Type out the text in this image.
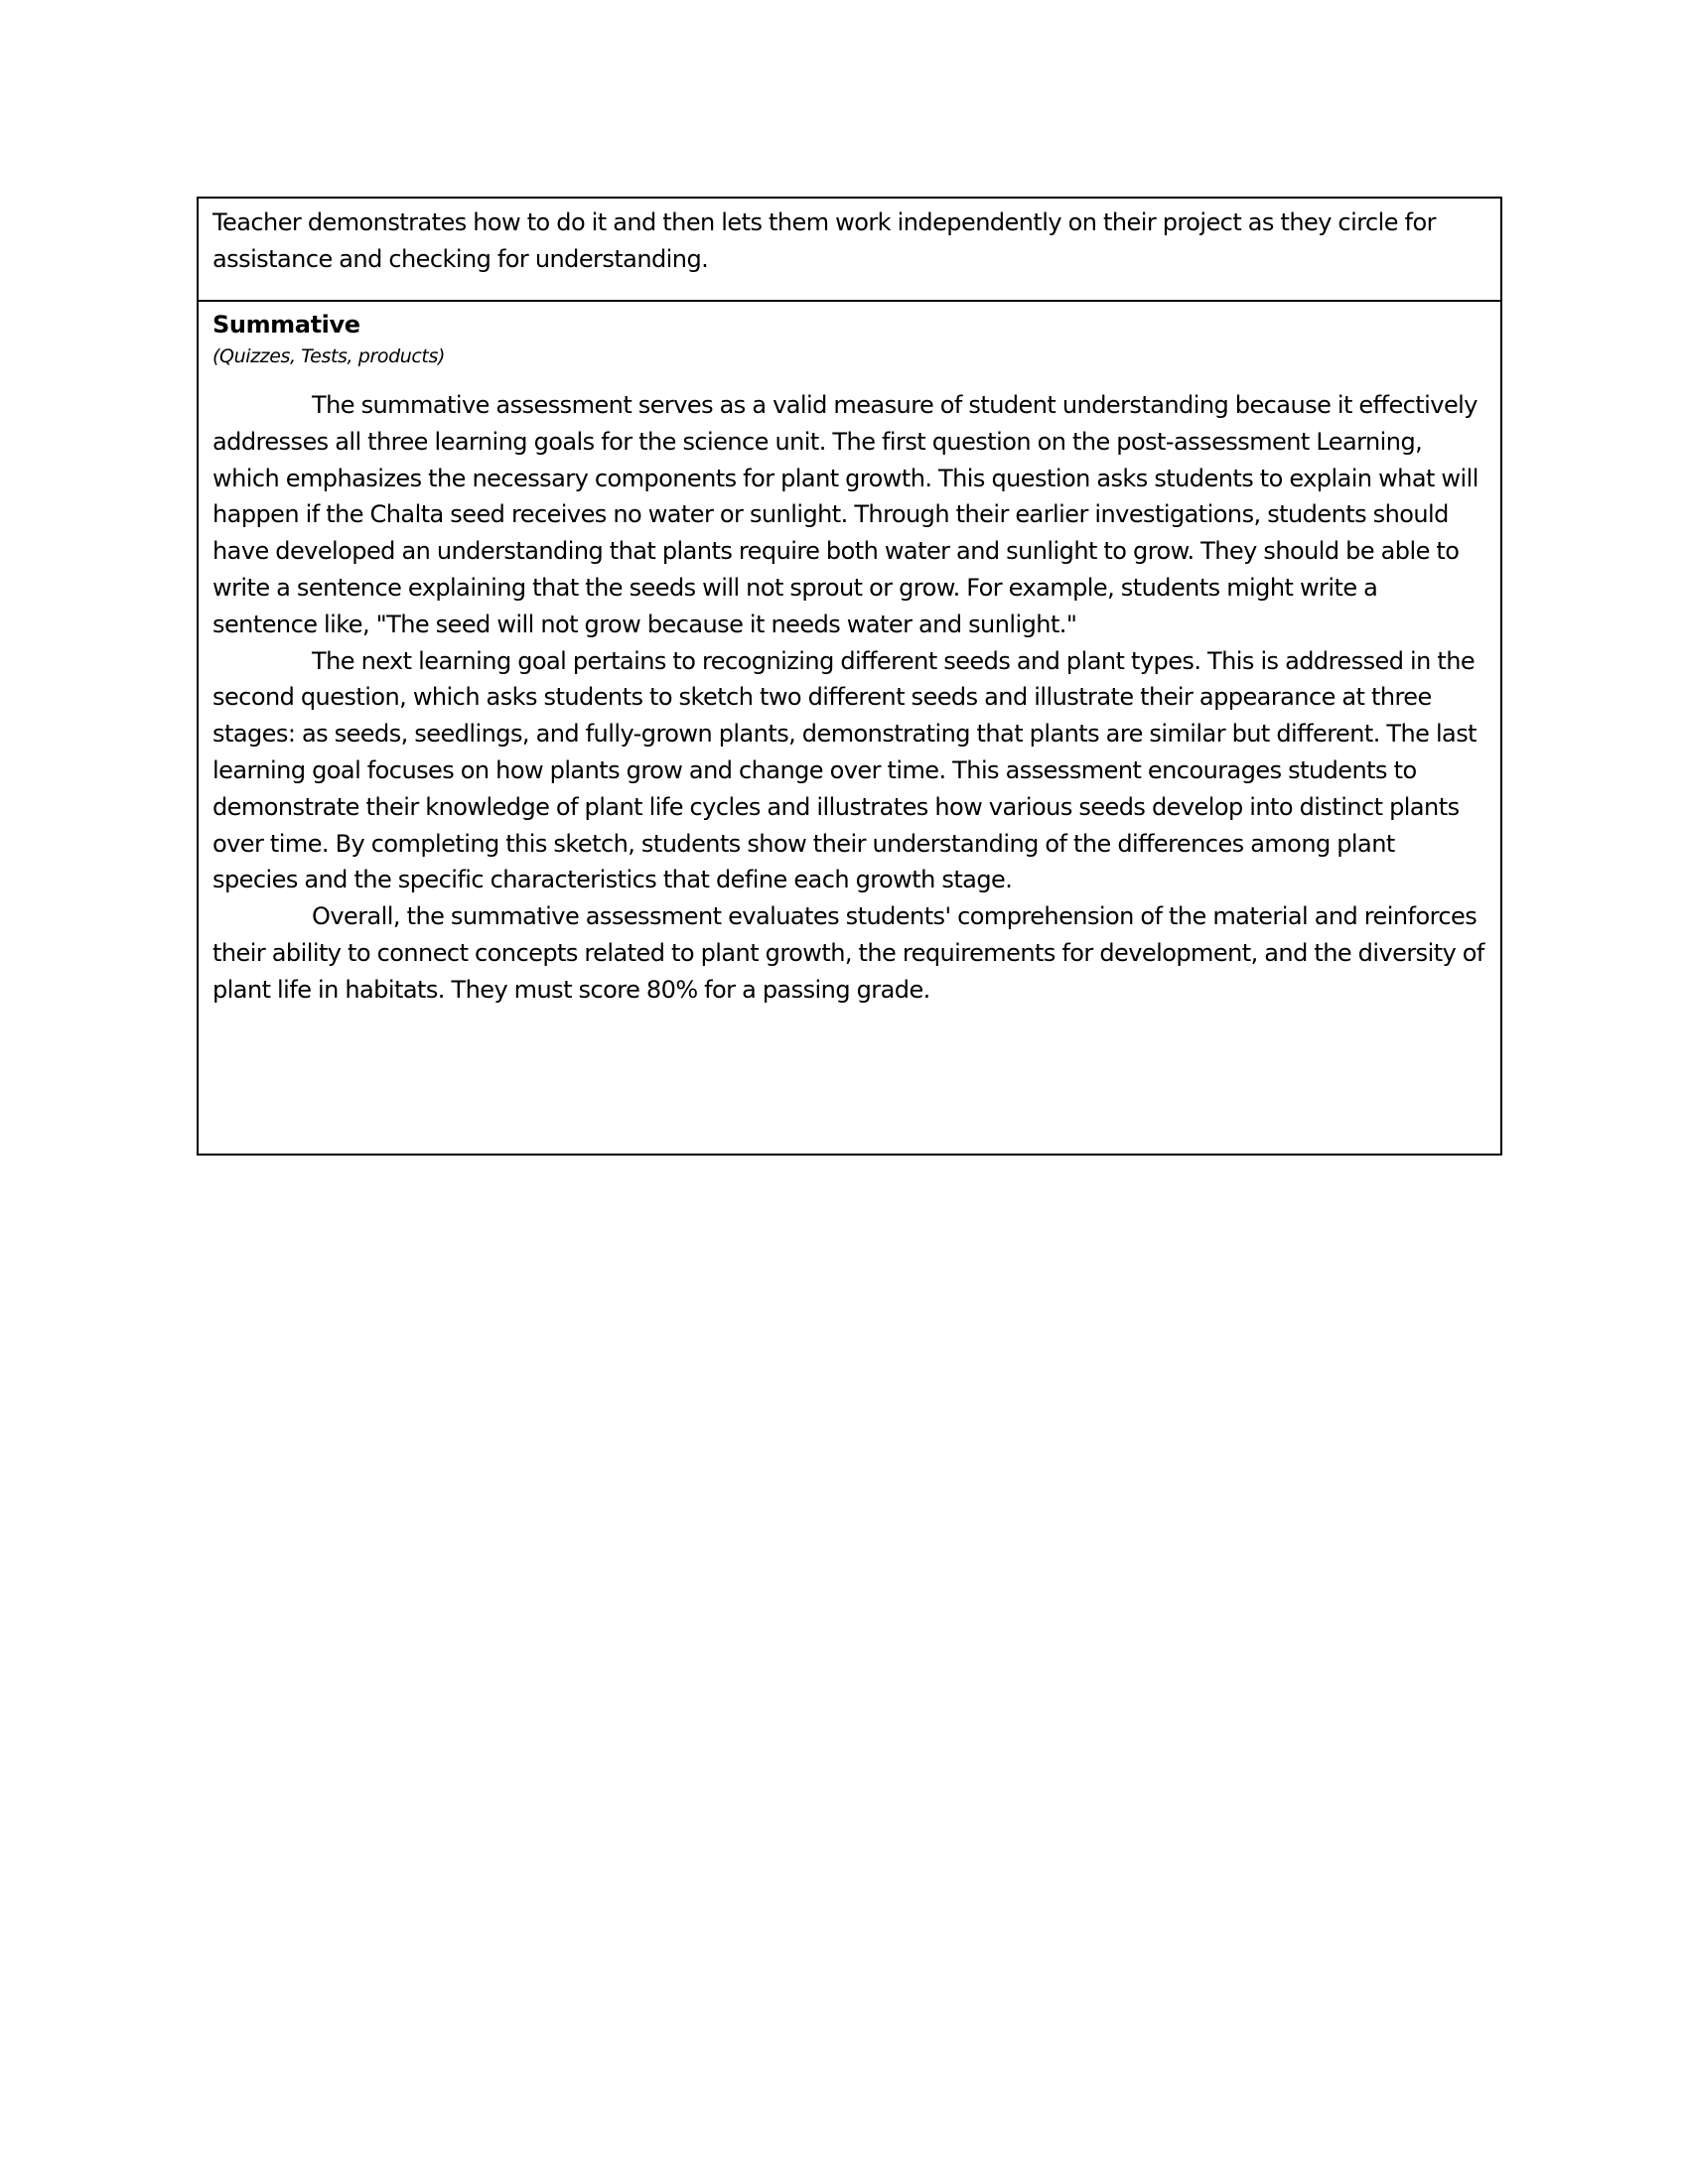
Teacher demonstrates how to do it and then lets them work independently on their project as they circle for assistance and checking for understanding.

Summative

(Quizzes, Tests, products)

The summative assessment serves as a valid measure of student understanding because it effectively addresses all three learning goals for the science unit. The first question on the post-assessment Learning, which emphasizes the necessary components for plant growth. This question asks students to explain what will happen if the Chalta seed receives no water or sunlight. Through their earlier investigations, students should have developed an understanding that plants require both water and sunlight to grow. They should be able to write a sentence explaining that the seeds will not sprout or grow. For example, students might write a sentence like, "The seed will not grow because it needs water and sunlight."

The next learning goal pertains to recognizing different seeds and plant types. This is addressed in the second question, which asks students to sketch two different seeds and illustrate their appearance at three stages: as seeds, seedlings, and fully-grown plants, demonstrating that plants are similar but different. The last learning goal focuses on how plants grow and change over time. This assessment encourages students to demonstrate their knowledge of plant life cycles and illustrates how various seeds develop into distinct plants over time. By completing this sketch, students show their understanding of the differences among plant species and the specific characteristics that define each growth stage.

Overall, the summative assessment evaluates students' comprehension of the material and reinforces their ability to connect concepts related to plant growth, the requirements for development, and the diversity of plant life in habitats. They must score 80% for a passing grade.
